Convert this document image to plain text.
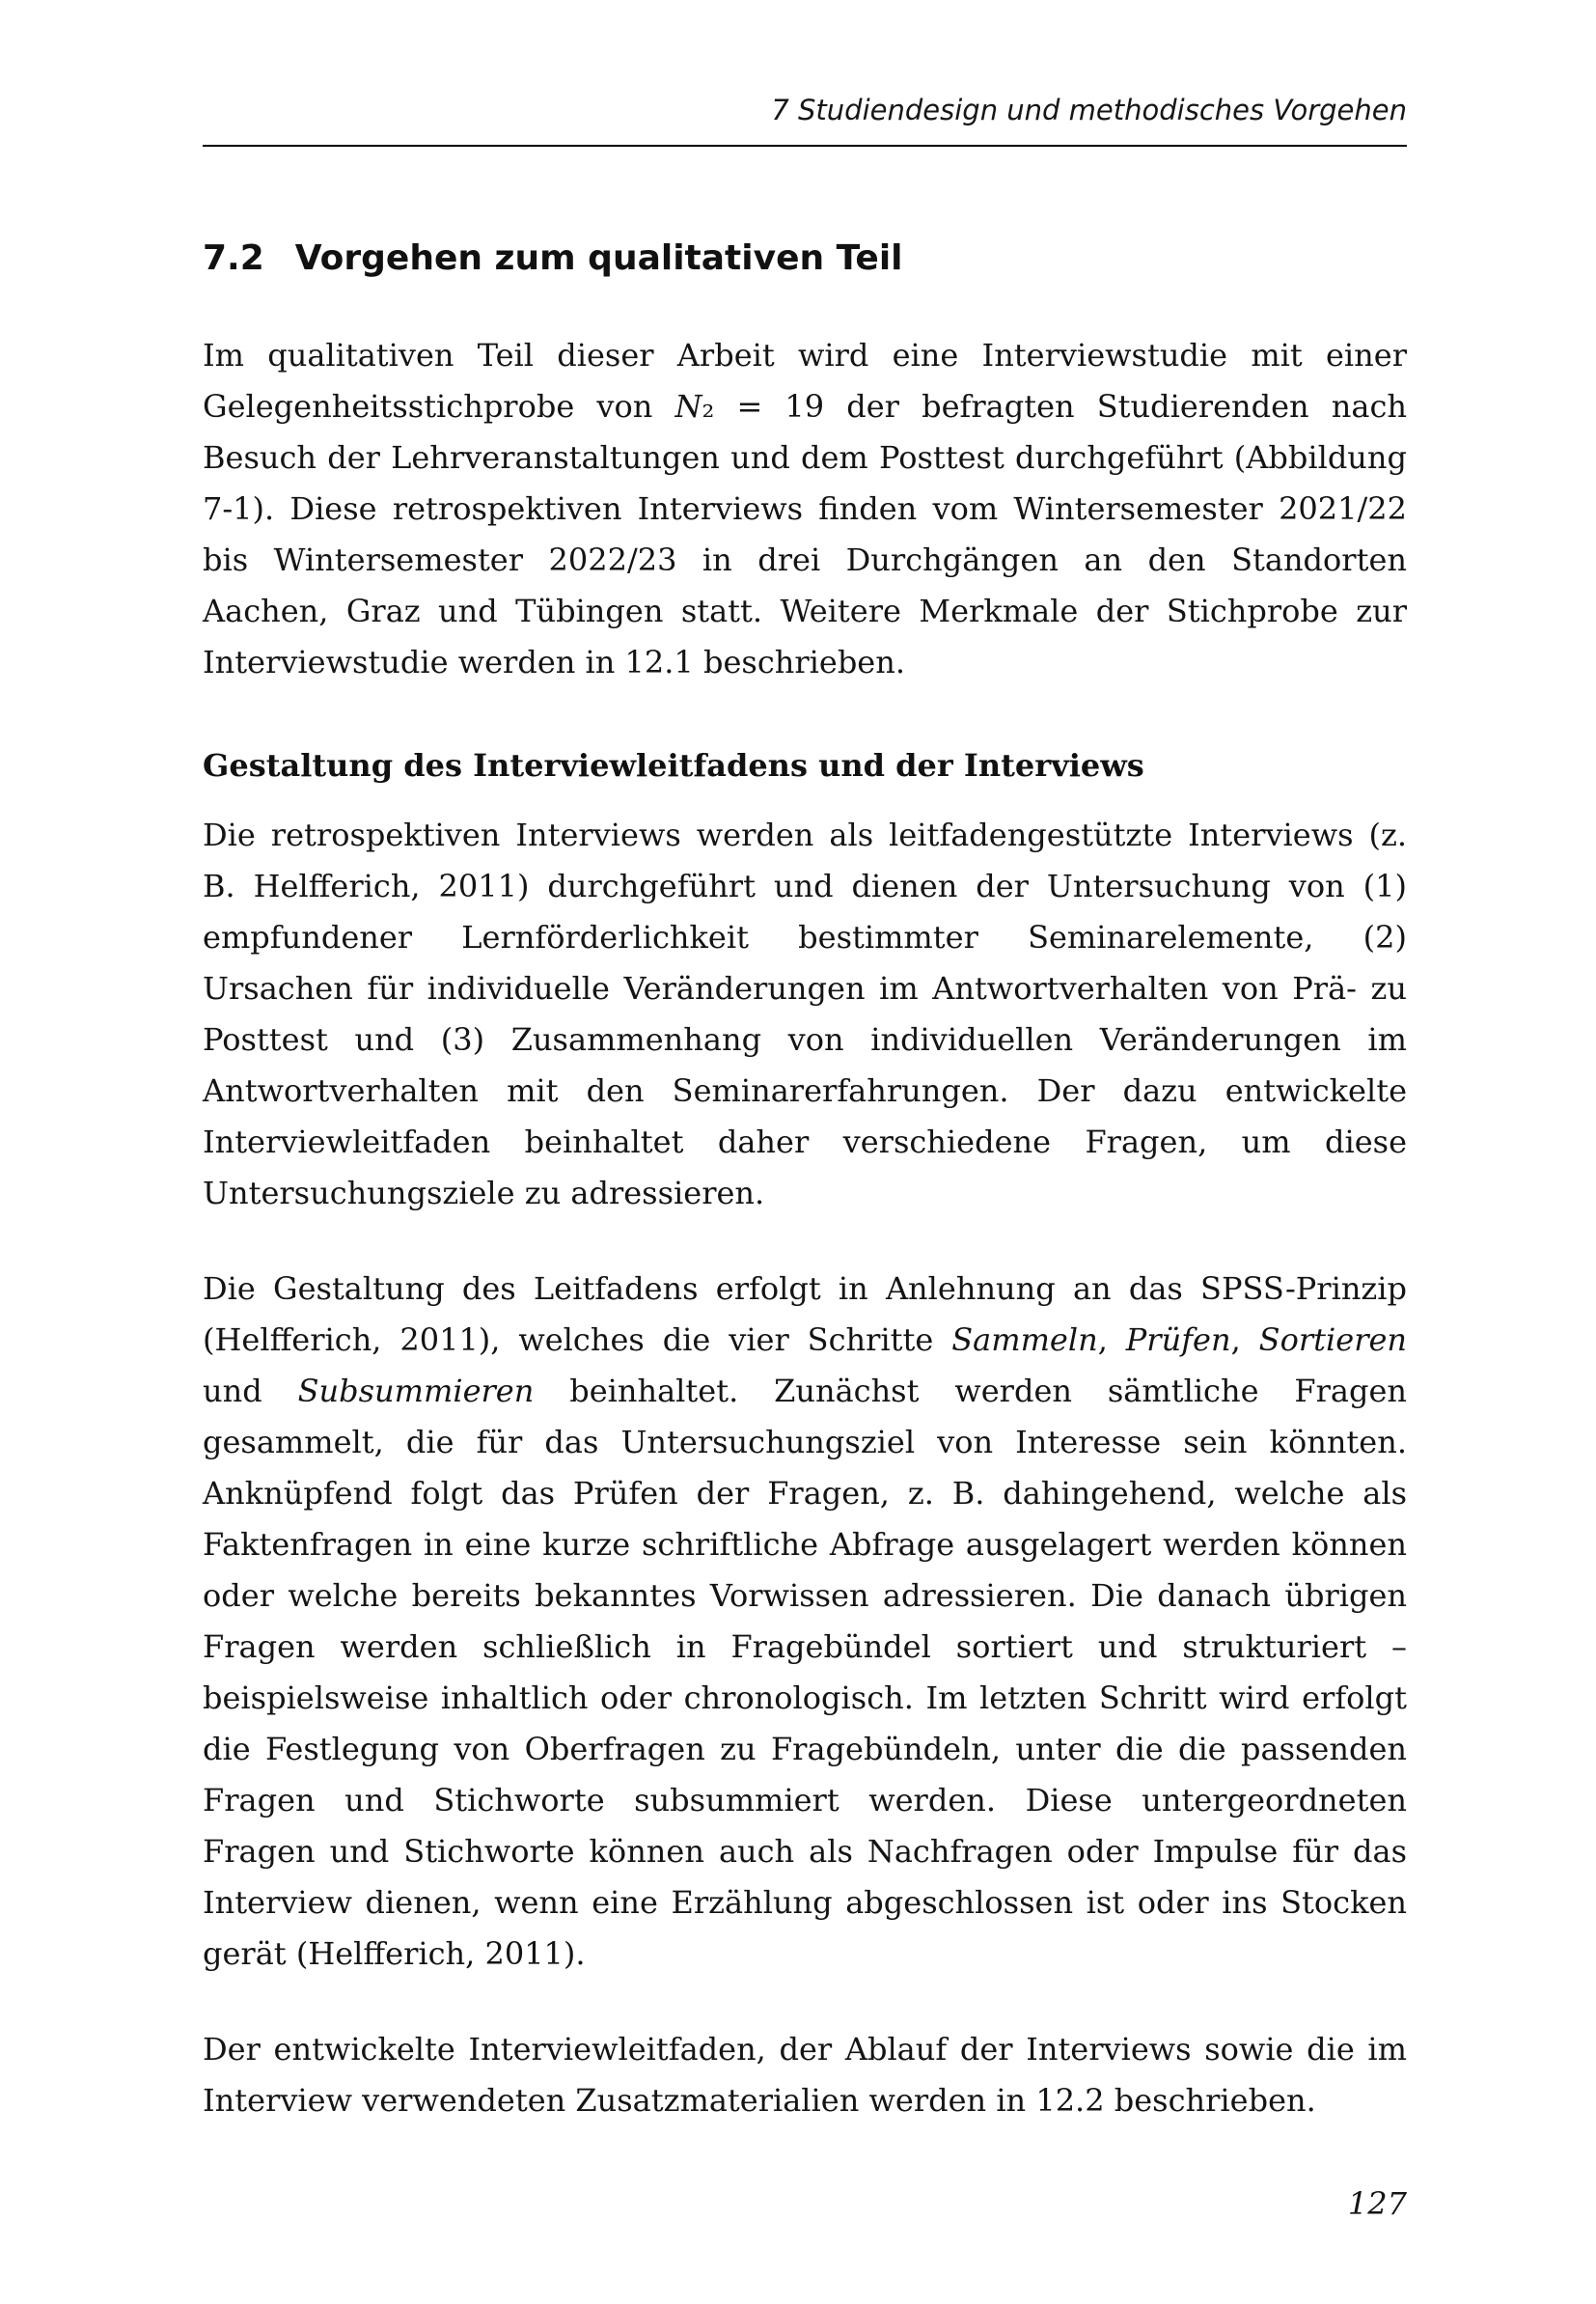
7 Studiendesign und methodisches Vorgehen
7.2 Vorgehen zum qualitativen Teil

Im qualitativen Teil dieser Arbeit wird eine Interviewstudie mit einer Gelegenheitsstichprobe von N₂ = 19 der befragten Studierenden nach Besuch der Lehrveranstaltungen und dem Posttest durchgeführt (Abbildung 7-1). Diese retrospektiven Interviews finden vom Wintersemester 2021/22 bis Wintersemester 2022/23 in drei Durchgängen an den Standorten Aachen, Graz und Tübingen statt. Weitere Merkmale der Stichprobe zur Interviewstudie werden in 12.1 beschrieben.

Gestaltung des Interviewleitfadens und der Interviews

Die retrospektiven Interviews werden als leitfadengestützte Interviews (z. B. Helfferich, 2011) durchgeführt und dienen der Untersuchung von (1) empfundener Lernförderlichkeit bestimmter Seminarelemente, (2) Ursachen für individuelle Veränderungen im Antwortverhalten von Prä- zu Posttest und (3) Zusammenhang von individuellen Veränderungen im Antwortverhalten mit den Seminarerfahrungen. Der dazu entwickelte Interviewleitfaden beinhaltet daher verschiedene Fragen, um diese Untersuchungsziele zu adressieren.

Die Gestaltung des Leitfadens erfolgt in Anlehnung an das SPSS-Prinzip (Helfferich, 2011), welches die vier Schritte Sammeln, Prüfen, Sortieren und Subsummieren beinhaltet. Zunächst werden sämtliche Fragen gesammelt, die für das Untersuchungsziel von Interesse sein könnten. Anknüpfend folgt das Prüfen der Fragen, z. B. dahingehend, welche als Faktenfragen in eine kurze schriftliche Abfrage ausgelagert werden können oder welche bereits bekanntes Vorwissen adressieren. Die danach übrigen Fragen werden schließlich in Fragebündel sortiert und strukturiert – beispielsweise inhaltlich oder chronologisch. Im letzten Schritt wird erfolgt die Festlegung von Oberfragen zu Fragebündeln, unter die die passenden Fragen und Stichworte subsummiert werden. Diese untergeordneten Fragen und Stichworte können auch als Nachfragen oder Impulse für das Interview dienen, wenn eine Erzählung abgeschlossen ist oder ins Stocken gerät (Helfferich, 2011).

Der entwickelte Interviewleitfaden, der Ablauf der Interviews sowie die im Interview verwendeten Zusatzmaterialien werden in 12.2 beschrieben.

127
